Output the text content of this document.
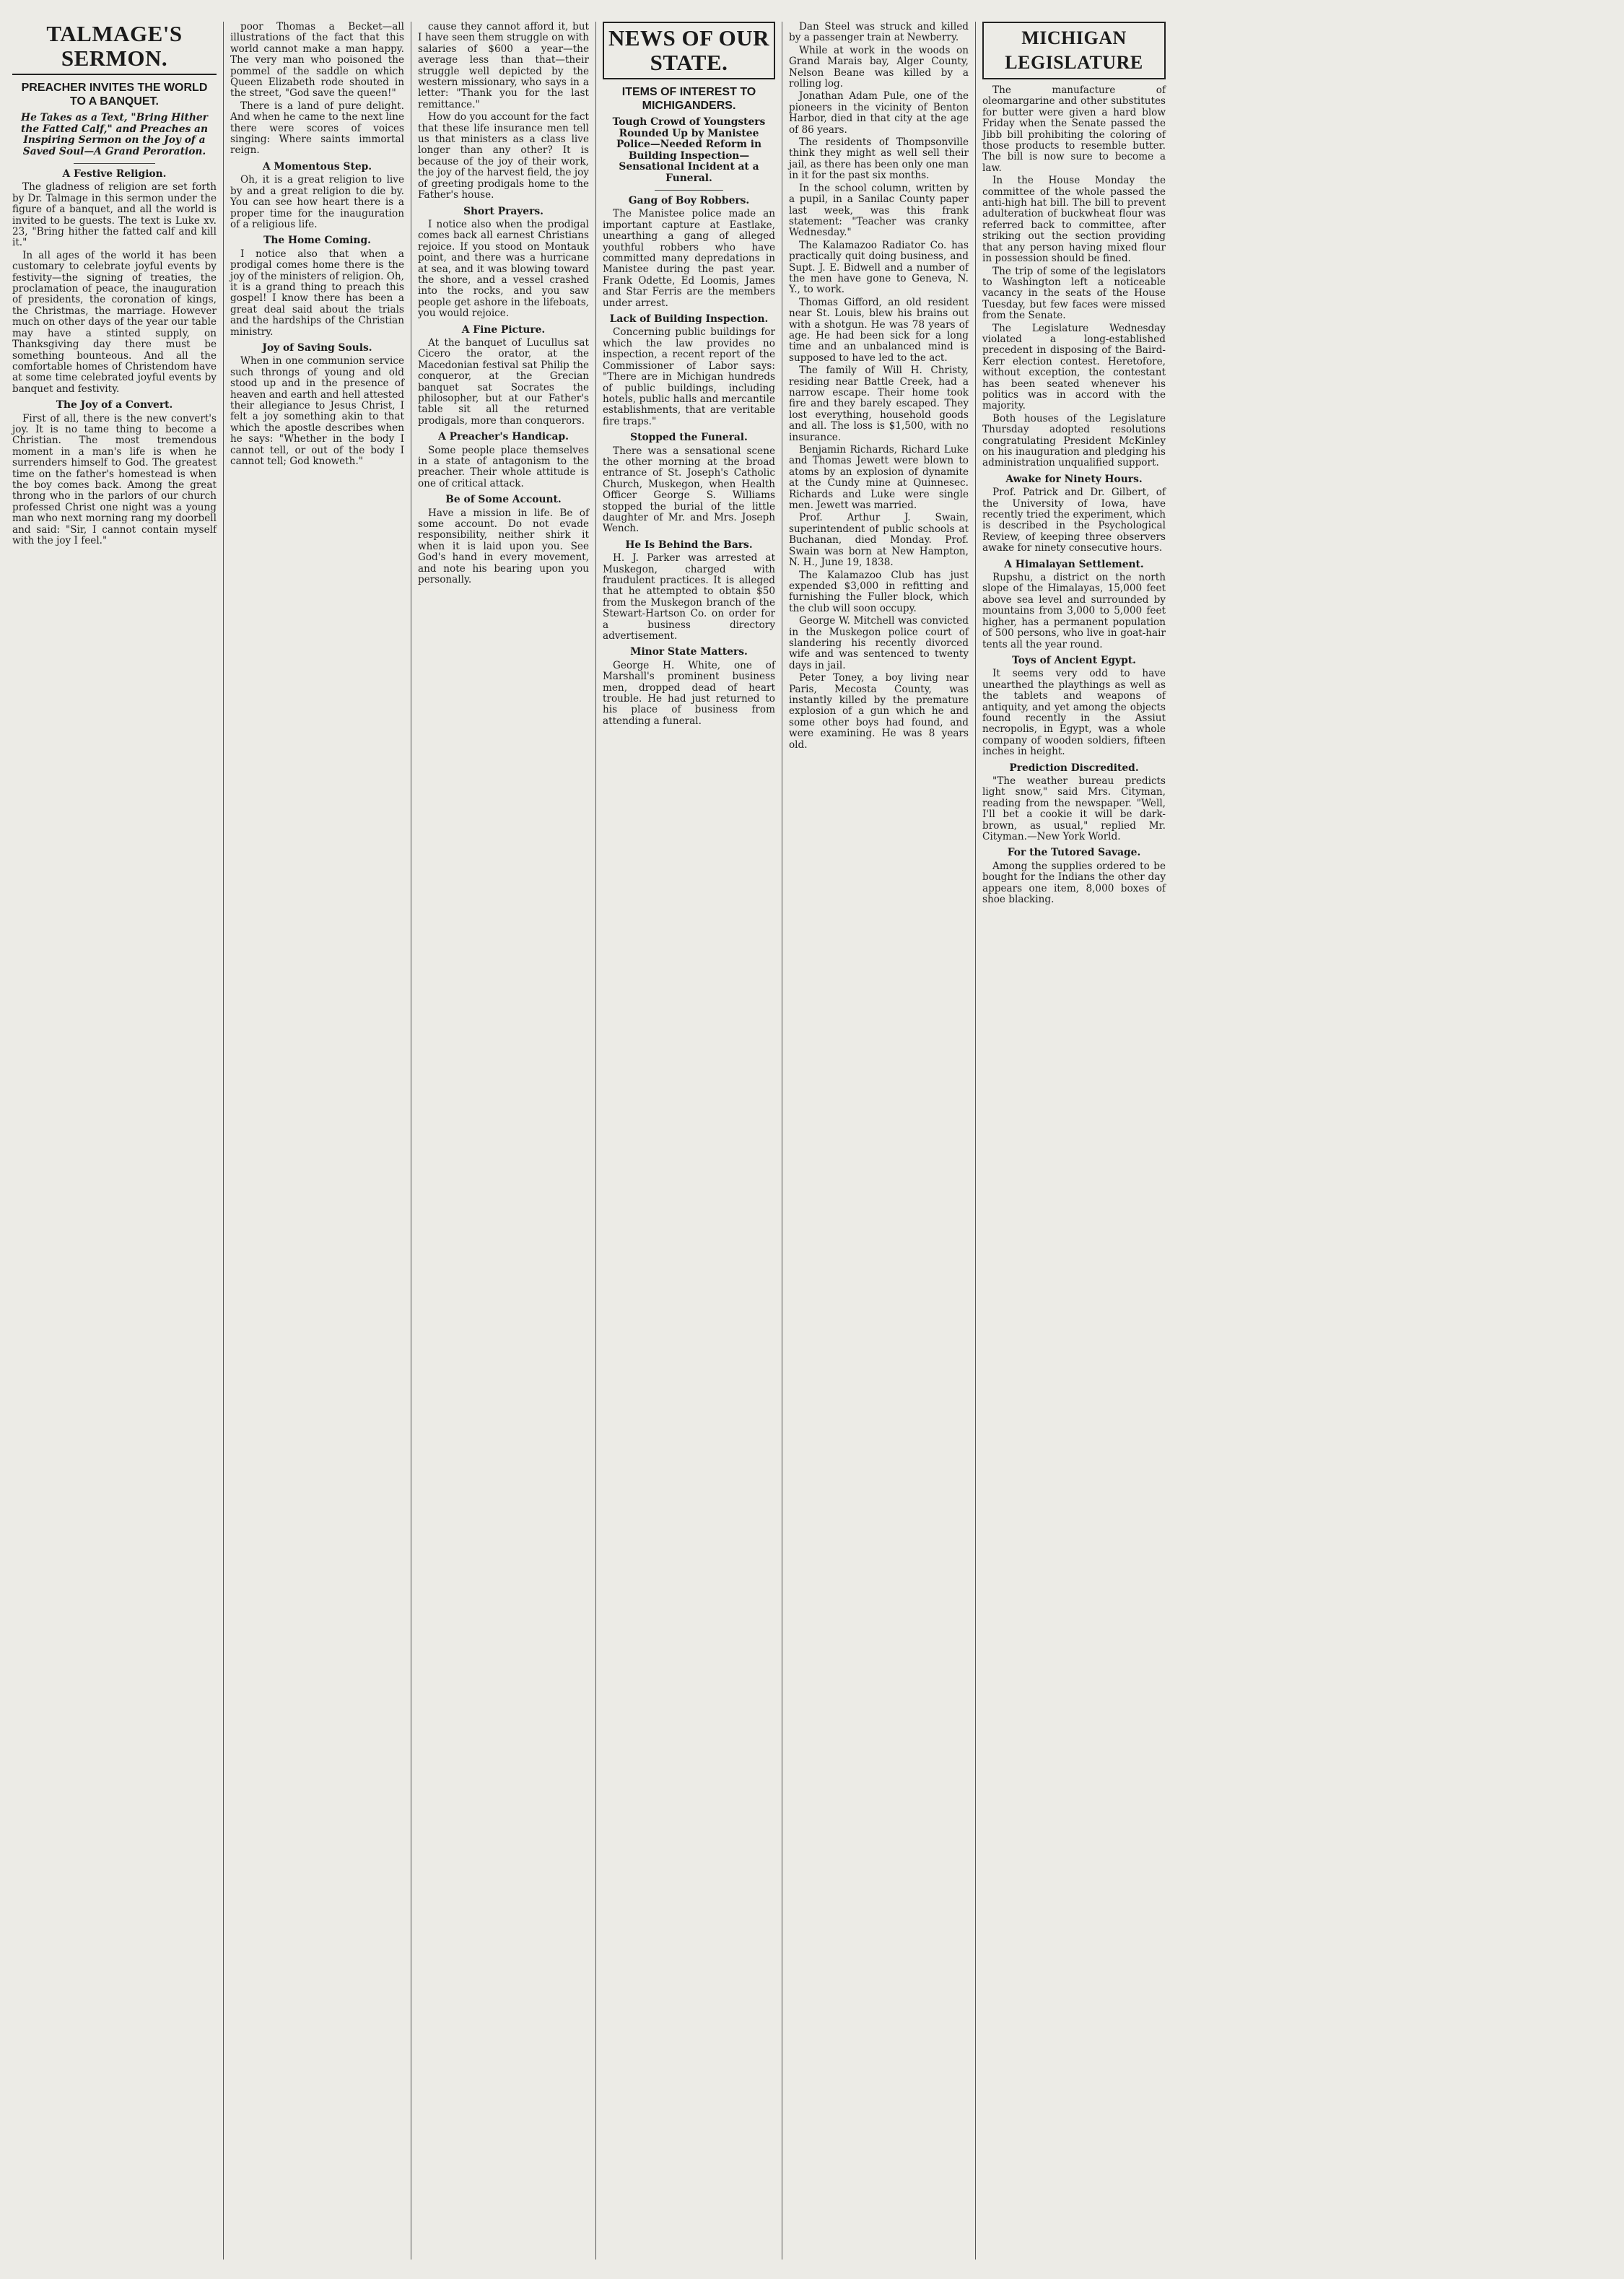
TALMAGE'S SERMON.
PREACHER INVITES THE WORLD TO A BANQUET.
He Takes as a Text, "Bring Hither the Fatted Calf," and Preaches an Inspiring Sermon on the Joy of a Saved Soul—A Grand Peroration.
A Festive Religion.

The gladness of religion are set forth by Dr. Talmage in this sermon under the figure of a banquet, and all the world is invited to be guests. The text is Luke xv. 23, "Bring hither the fatted calf and kill it."

In all ages of the world it has been customary to celebrate joyful events by festivity—the signing of treaties, the proclamation of peace, the inauguration of presidents, the coronation of kings, the Christmas, the marriage. However much on other days of the year our table may have a stinted supply, on Thanksgiving day there must be something bounteous. And all the comfortable homes of Christendom have at some time celebrated joyful events by banquet and festivity.

The Joy of a Convert.

First of all, there is the new convert's joy. It is no tame thing to become a Christian. The most tremendous moment in a man's life is when he surrenders himself to God. The greatest time on the father's homestead is when the boy comes back. Among the great throng who in the parlors of our church professed Christ one night was a young man who next morning rang my doorbell and said: "Sir, I cannot contain myself with the joy I feel."

poor Thomas a Becket—all illustrations of the fact that this world cannot make a man happy. The very man who poisoned the pommel of the saddle on which Queen Elizabeth rode shouted in the street, "God save the queen!"

There is a land of pure delight. And when he came to the next line there were scores of voices singing: Where saints immortal reign.

A Momentous Step.

Oh, it is a great religion to live by and a great religion to die by. You can see how heart there is a proper time for the inauguration of a religious life.

The Home Coming.

I notice also that when a prodigal comes home there is the joy of the ministers of religion. Oh, it is a grand thing to preach this gospel! I know there has been a great deal said about the trials and the hardships of the Christian ministry.

Joy of Saving Souls.

When in one communion service such throngs of young and old stood up and in the presence of heaven and earth and hell attested their allegiance to Jesus Christ, I felt a joy something akin to that which the apostle describes when he says: "Whether in the body I cannot tell, or out of the body I cannot tell; God knoweth."

cause they cannot afford it, but I have seen them struggle on with salaries of $600 a year—the average less than that—their struggle well depicted by the western missionary, who says in a letter: "Thank you for the last remittance."

How do you account for the fact that these life insurance men tell us that ministers as a class live longer than any other? It is because of the joy of their work, the joy of the harvest field, the joy of greeting prodigals home to the Father's house.

Short Prayers.

I notice also when the prodigal comes back all earnest Christians rejoice. If you stood on Montauk point, and there was a hurricane at sea, and it was blowing toward the shore, and a vessel crashed into the rocks, and you saw people get ashore in the lifeboats, you would rejoice.

A Fine Picture.

At the banquet of Lucullus sat Cicero the orator, at the Macedonian festival sat Philip the conqueror, at the Grecian banquet sat Socrates the philosopher, but at our Father's table sit all the returned prodigals, more than conquerors.

A Preacher's Handicap.

Some people place themselves in a state of antagonism to the preacher. Their whole attitude is one of critical attack.

Be of Some Account.

Have a mission in life. Be of some account. Do not evade responsibility, neither shirk it when it is laid upon you. See God's hand in every movement, and note his bearing upon you personally.

NEWS OF OUR STATE.
ITEMS OF INTEREST TO MICHIGANDERS.
Tough Crowd of Youngsters Rounded Up by Manistee Police—Needed Reform in Building Inspection—Sensational Incident at a Funeral.
Gang of Boy Robbers.

The Manistee police made an important capture at Eastlake, unearthing a gang of alleged youthful robbers who have committed many depredations in Manistee during the past year. Frank Odette, Ed Loomis, James and Star Ferris are the members under arrest.

Lack of Building Inspection.

Concerning public buildings for which the law provides no inspection, a recent report of the Commissioner of Labor says: "There are in Michigan hundreds of public buildings, including hotels, public halls and mercantile establishments, that are veritable fire traps."

Stopped the Funeral.

There was a sensational scene the other morning at the broad entrance of St. Joseph's Catholic Church, Muskegon, when Health Officer George S. Williams stopped the burial of the little daughter of Mr. and Mrs. Joseph Wench.

He Is Behind the Bars.

H. J. Parker was arrested at Muskegon, charged with fraudulent practices. It is alleged that he attempted to obtain $50 from the Muskegon branch of the Stewart-Hartson Co. on order for a business directory advertisement.

Minor State Matters.

George H. White, one of Marshall's prominent business men, dropped dead of heart trouble. He had just returned to his place of business from attending a funeral.

Dan Steel was struck and killed by a passenger train at Newberry.

While at work in the woods on Grand Marais bay, Alger County, Nelson Beane was killed by a rolling log.

Jonathan Adam Pule, one of the pioneers in the vicinity of Benton Harbor, died in that city at the age of 86 years.

The residents of Thompsonville think they might as well sell their jail, as there has been only one man in it for the past six months.

In the school column, written by a pupil, in a Sanilac County paper last week, was this frank statement: "Teacher was cranky Wednesday."

The Kalamazoo Radiator Co. has practically quit doing business, and Supt. J. E. Bidwell and a number of the men have gone to Geneva, N. Y., to work.

Thomas Gifford, an old resident near St. Louis, blew his brains out with a shotgun. He was 78 years of age. He had been sick for a long time and an unbalanced mind is supposed to have led to the act.

The family of Will H. Christy, residing near Battle Creek, had a narrow escape. Their home took fire and they barely escaped. They lost everything, household goods and all. The loss is $1,500, with no insurance.

Benjamin Richards, Richard Luke and Thomas Jewett were blown to atoms by an explosion of dynamite at the Cundy mine at Quinnesec. Richards and Luke were single men. Jewett was married.

Prof. Arthur J. Swain, superintendent of public schools at Buchanan, died Monday. Prof. Swain was born at New Hampton, N. H., June 19, 1838.

The Kalamazoo Club has just expended $3,000 in refitting and furnishing the Fuller block, which the club will soon occupy.

George W. Mitchell was convicted in the Muskegon police court of slandering his recently divorced wife and was sentenced to twenty days in jail.

Peter Toney, a boy living near Paris, Mecosta County, was instantly killed by the premature explosion of a gun which he and some other boys had found, and were examining. He was 8 years old.

MICHIGAN LEGISLATURE

The manufacture of oleomargarine and other substitutes for butter were given a hard blow Friday when the Senate passed the Jibb bill prohibiting the coloring of those products to resemble butter. The bill is now sure to become a law.

In the House Monday the committee of the whole passed the anti-high hat bill. The bill to prevent adulteration of buckwheat flour was referred back to committee, after striking out the section providing that any person having mixed flour in possession should be fined.

The trip of some of the legislators to Washington left a noticeable vacancy in the seats of the House Tuesday, but few faces were missed from the Senate.

The Legislature Wednesday violated a long-established precedent in disposing of the Baird-Kerr election contest. Heretofore, without exception, the contestant has been seated whenever his politics was in accord with the majority.

Both houses of the Legislature Thursday adopted resolutions congratulating President McKinley on his inauguration and pledging his administration unqualified support.

Awake for Ninety Hours.

Prof. Patrick and Dr. Gilbert, of the University of Iowa, have recently tried the experiment, which is described in the Psychological Review, of keeping three observers awake for ninety consecutive hours.

A Himalayan Settlement.

Rupshu, a district on the north slope of the Himalayas, 15,000 feet above sea level and surrounded by mountains from 3,000 to 5,000 feet higher, has a permanent population of 500 persons, who live in goat-hair tents all the year round.

Toys of Ancient Egypt.

It seems very odd to have unearthed the playthings as well as the tablets and weapons of antiquity, and yet among the objects found recently in the Assiut necropolis, in Egypt, was a whole company of wooden soldiers, fifteen inches in height.

Prediction Discredited.

"The weather bureau predicts light snow," said Mrs. Cityman, reading from the newspaper. "Well, I'll bet a cookie it will be dark-brown, as usual," replied Mr. Cityman.—New York World.

For the Tutored Savage.

Among the supplies ordered to be bought for the Indians the other day appears one item, 8,000 boxes of shoe blacking.
